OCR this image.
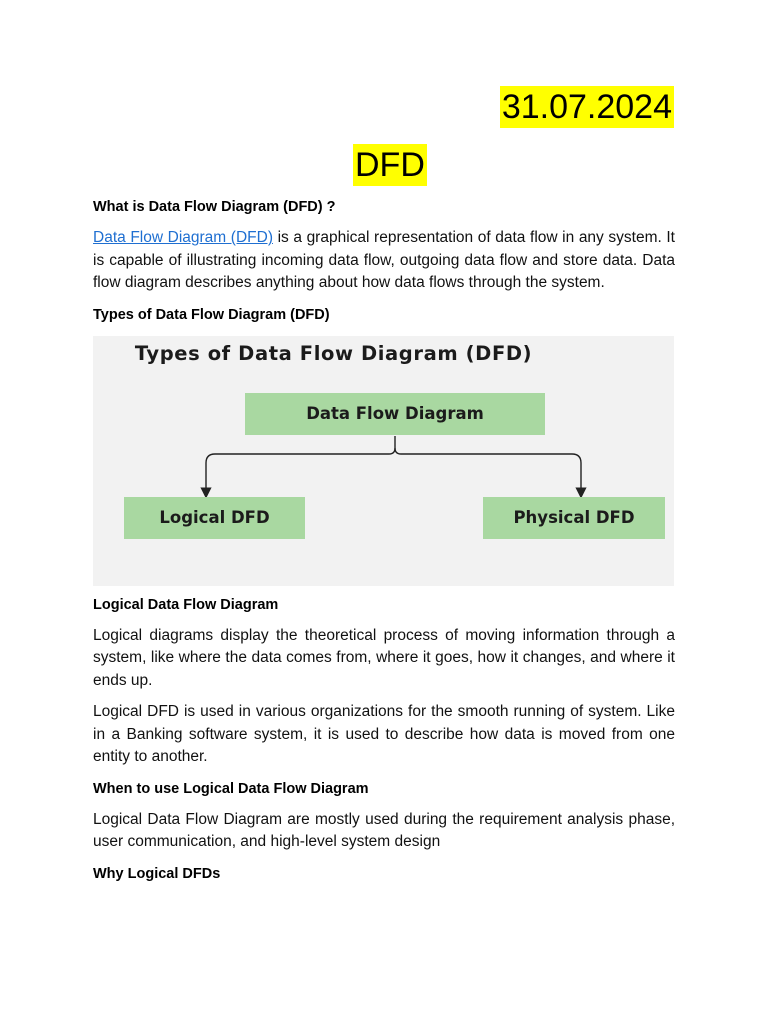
31.07.2024
DFD
What is Data Flow Diagram (DFD) ?

Data Flow Diagram (DFD) is a graphical representation of data flow in any system. It is capable of illustrating incoming data flow, outgoing data flow and store data. Data flow diagram describes anything about how data flows through the system.

Types of Data Flow Diagram (DFD)
Types of Data Flow Diagram (DFD)
Data Flow Diagram
Logical DFD	Physical DFD
Logical Data Flow Diagram

Logical diagrams display the theoretical process of moving information through a system, like where the data comes from, where it goes, how it changes, and where it ends up.

Logical DFD is used in various organizations for the smooth running of system. Like in a Banking software system, it is used to describe how data is moved from one entity to another.

When to use Logical Data Flow Diagram

Logical Data Flow Diagram are mostly used during the requirement analysis phase, user communication, and high-level system design

Why Logical DFDs
